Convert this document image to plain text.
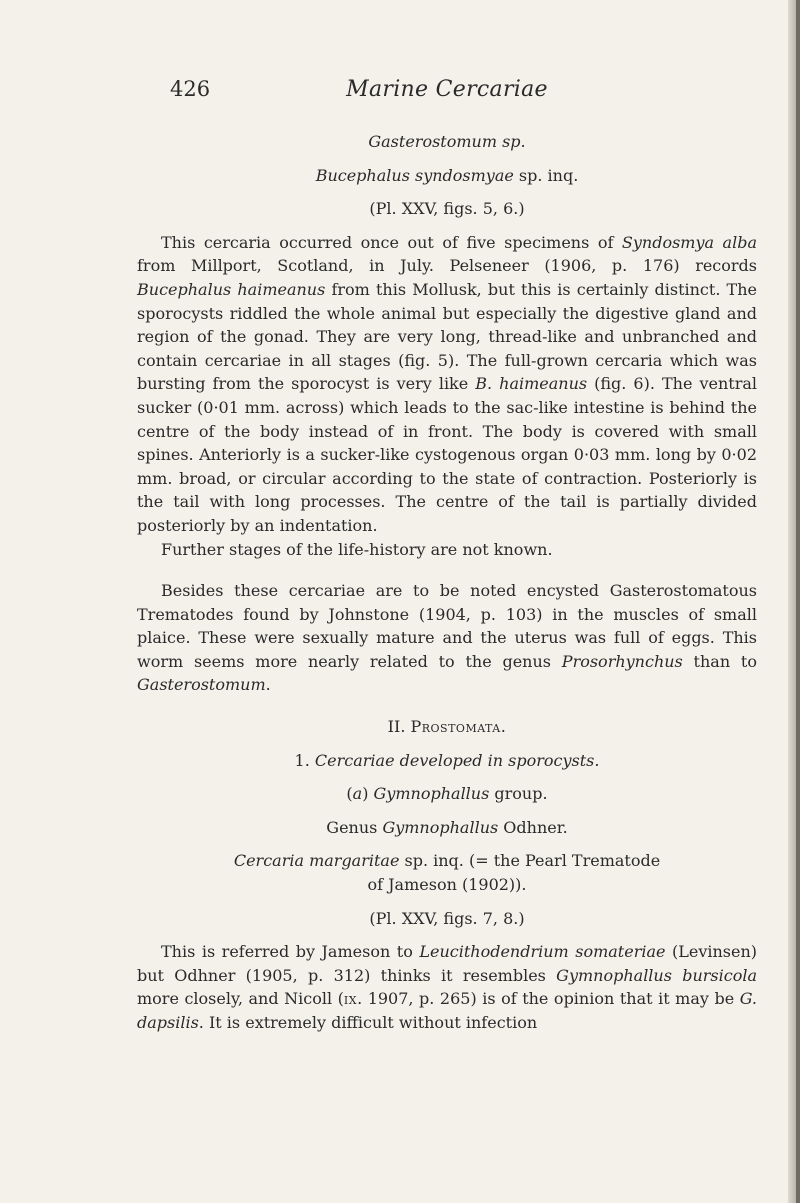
426	Marine Cercariae
Gasterostomum sp.
Bucephalus syndosmyae sp. inq.
(Pl. XXV, figs. 5, 6.)

This cercaria occurred once out of five specimens of Syndosmya alba from Millport, Scotland, in July. Pelseneer (1906, p. 176) records Bucephalus haimeanus from this Mollusk, but this is certainly distinct. The sporocysts riddled the whole animal but especially the digestive gland and region of the gonad. They are very long, thread-like and unbranched and contain cercariae in all stages (fig. 5). The full-grown cercaria which was bursting from the sporocyst is very like B. haimeanus (fig. 6). The ventral sucker (0·01 mm. across) which leads to the sac-like intestine is behind the centre of the body instead of in front. The body is covered with small spines. Anteriorly is a sucker-like cystogenous organ 0·03 mm. long by 0·02 mm. broad, or circular according to the state of contraction. Posteriorly is the tail with long processes. The centre of the tail is partially divided posteriorly by an indentation.

Further stages of the life-history are not known.

Besides these cercariae are to be noted encysted Gasterostomatous Trematodes found by Johnstone (1904, p. 103) in the muscles of small plaice. These were sexually mature and the uterus was full of eggs. This worm seems more nearly related to the genus Prosorhynchus than to Gasterostomum.

II. Prostomata.
1. Cercariae developed in sporocysts.
(a) Gymnophallus group.
Genus Gymnophallus Odhner.
Cercaria margaritae sp. inq. (= the Pearl Trematode
of Jameson (1902)).
(Pl. XXV, figs. 7, 8.)

This is referred by Jameson to Leucithodendrium somateriae (Levinsen) but Odhner (1905, p. 312) thinks it resembles Gymnophallus bursicola more closely, and Nicoll (ix. 1907, p. 265) is of the opinion that it may be G. dapsilis. It is extremely difficult without infection
